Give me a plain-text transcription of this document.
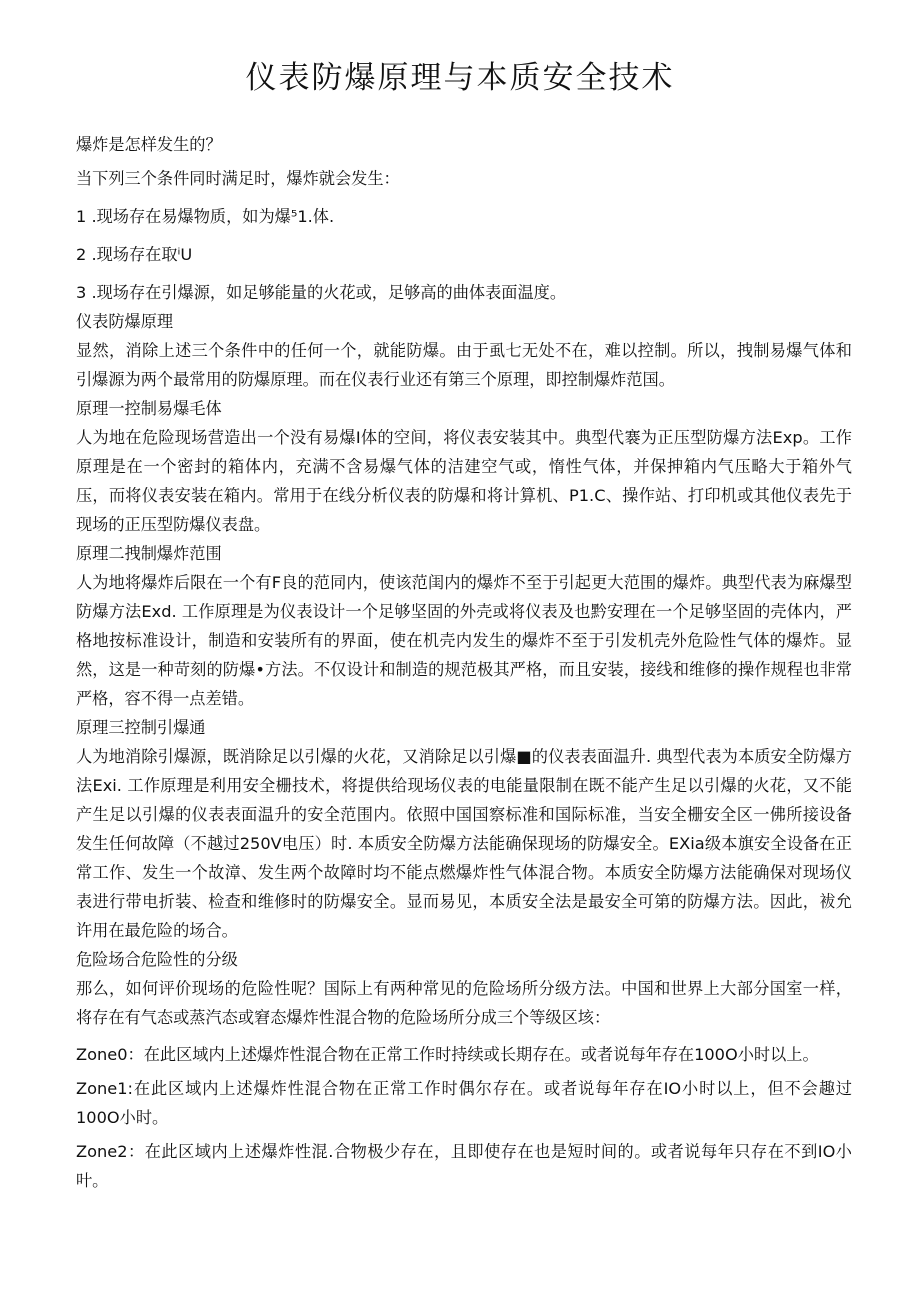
仪表防爆原理与本质安全技术

爆炸是怎样发生的？

当下列三个条件同时满足时，爆炸就会发生：

1 .现场存在易爆物质，如为爆⁵1.体.

2 .现场存在取ⁱU

3 .现场存在引爆源，如足够能量的火花或，足够高的曲体表面温度。

仪表防爆原理

显然，消除上述三个条件中的任何一个，就能防爆。由于虱七无处不在，难以控制。所以，拽制易爆气体和引爆源为两个最常用的防爆原理。而在仪表行业还有第三个原理，即控制爆炸范国。

原理一控制易爆毛体

人为地在危险现场营造出一个没有易爆Ⅰ体的空间，将仪表安装其中。典型代褰为正压型防爆方法Exp。工作原理是在一个密封的箱体内，充满不含易爆气体的洁建空气或，惰性气体，并保抻箱内气压略大于箱外气压，而将仪表安装在箱内。常用于在线分析仪表的防爆和将计算机、P1.C、操作站、打印机或其他仪表先于现场的正压型防爆仪表盘。

原理二拽制爆炸范围

人为地将爆炸后限在一个有F良的范同内，使该范闺内的爆炸不至于引起更大范围的爆炸。典型代表为麻爆型防爆方法Exd. 工作原理是为仪表设计一个足够坚固的外壳或将仪表及也黔安理在一个足够坚固的壳体内，严格地按标准设计，制造和安装所有的界面，使在机壳内发生的爆炸不至于引发机壳外危险性气体的爆炸。显然，这是一种苛刻的防爆•方法。不仅设计和制造的规范极其严格，而且安装，接线和维修的操作规程也非常严格，容不得一点差错。

原理三控制引爆通

人为地消除引爆源，既消除足以引爆的火花，又消除足以引爆■的仪表表面温升. 典型代表为本质安全防爆方法Exi. 工作原理是利用安全栅技术，将提供给现场仪表的电能量限制在既不能产生足以引爆的火花，又不能产生足以引爆的仪表表面温升的安全范围内。依照中国国察标准和国际标准，当安全栅安全区一佛所接设备发生任何故障（不越过250V电压）时. 本质安全防爆方法能确保现场的防爆安全。EXia级本旗安全设备在正常工作、发生一个故漳、发生两个故障时均不能点燃爆炸性气体混合物。本质安全防爆方法能确保对现场仪表进行带电折装、检查和维修时的防爆安全。显而易见，本质安全法是最安全可第的防爆方法。因此，袚允许用在最危险的场合。

危险场合危险性的分级

那么，如何评价现场的危险性呢？国际上有两种常见的危险场所分级方法。中国和世界上大部分国室一样，将存在有气态或蒸汽态或窘态爆炸性混合物的危险场所分成三个等级区垓：

Zone0：在此区域内上述爆炸性混合物在正常工作时持续或长期存在。或者说每年存在100O小时以上。

Zone1:在此区域内上述爆炸性混合物在正常工作时偶尔存在。或者说每年存在IO小时以上，但不会趣过100O小时。

Zone2：在此区域内上述爆炸性混.合物极少存在，且即使存在也是短时间的。或者说每年只存在不到IO小叶。
